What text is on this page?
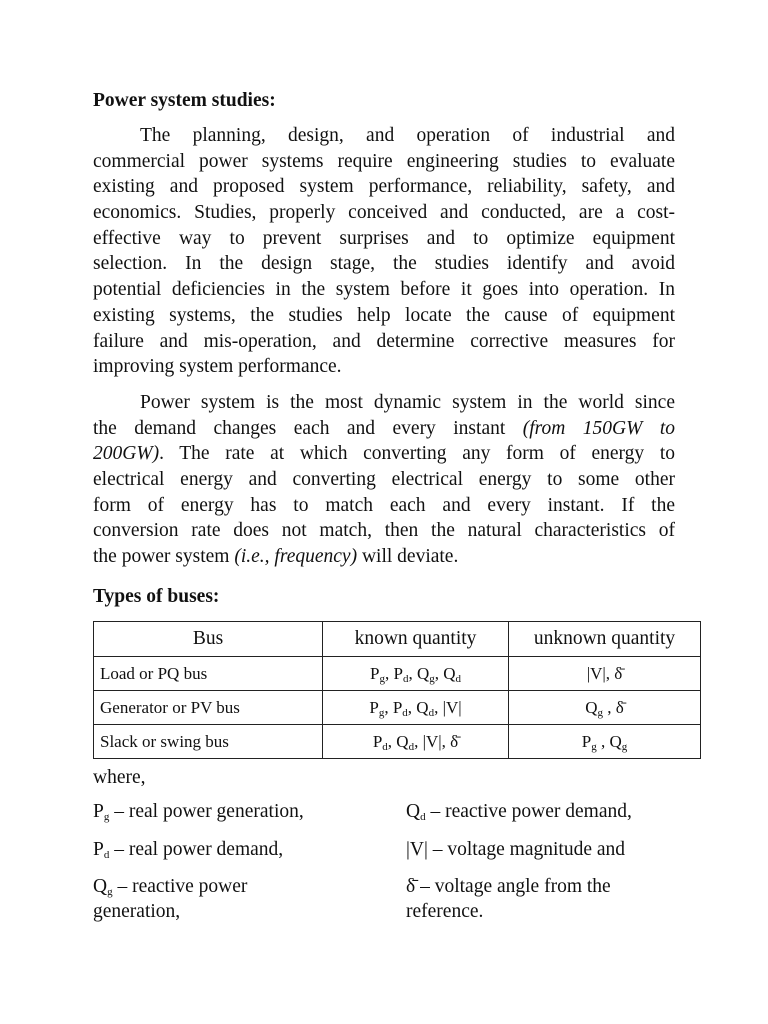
Power system studies:
The planning, design, and operation of industrial and
commercial power systems require engineering studies to evaluate
existing and proposed system performance, reliability, safety, and
economics. Studies, properly conceived and conducted, are a cost-
effective way to prevent surprises and to optimize equipment
selection. In the design stage, the studies identify and avoid
potential deficiencies in the system before it goes into operation. In
existing systems, the studies help locate the cause of equipment
failure and mis-operation, and determine corrective measures for
improving system performance.
Power system is the most dynamic system in the world since
the demand changes each and every instant (from 150GW to
200GW). The rate at which converting any form of energy to
electrical energy and converting electrical energy to some other
form of energy has to match each and every instant. If the
conversion rate does not match, then the natural characteristics of
the power system (i.e., frequency) will deviate.
Types of buses:
Bus	known quantity	unknown quantity
Load or PQ bus	$P_g$, $P_d$, $Q_g$, $Q_d$	|V|, δ̄
Generator or PV bus	$P_g$, $P_d$, $Q_d$, |V|	$Q_g$ , δ̄
Slack or swing bus	$P_d$, $Q_d$, |V|, δ̄	$P_g$ , $Q_g$
where,
$P_g$ – real power generation,	$Q_d$ – reactive power demand,
$P_d$ – real power demand,	|V| – voltage magnitude and
$Q_g$ – reactive power generation,
δ̄ – voltage angle from the reference.
